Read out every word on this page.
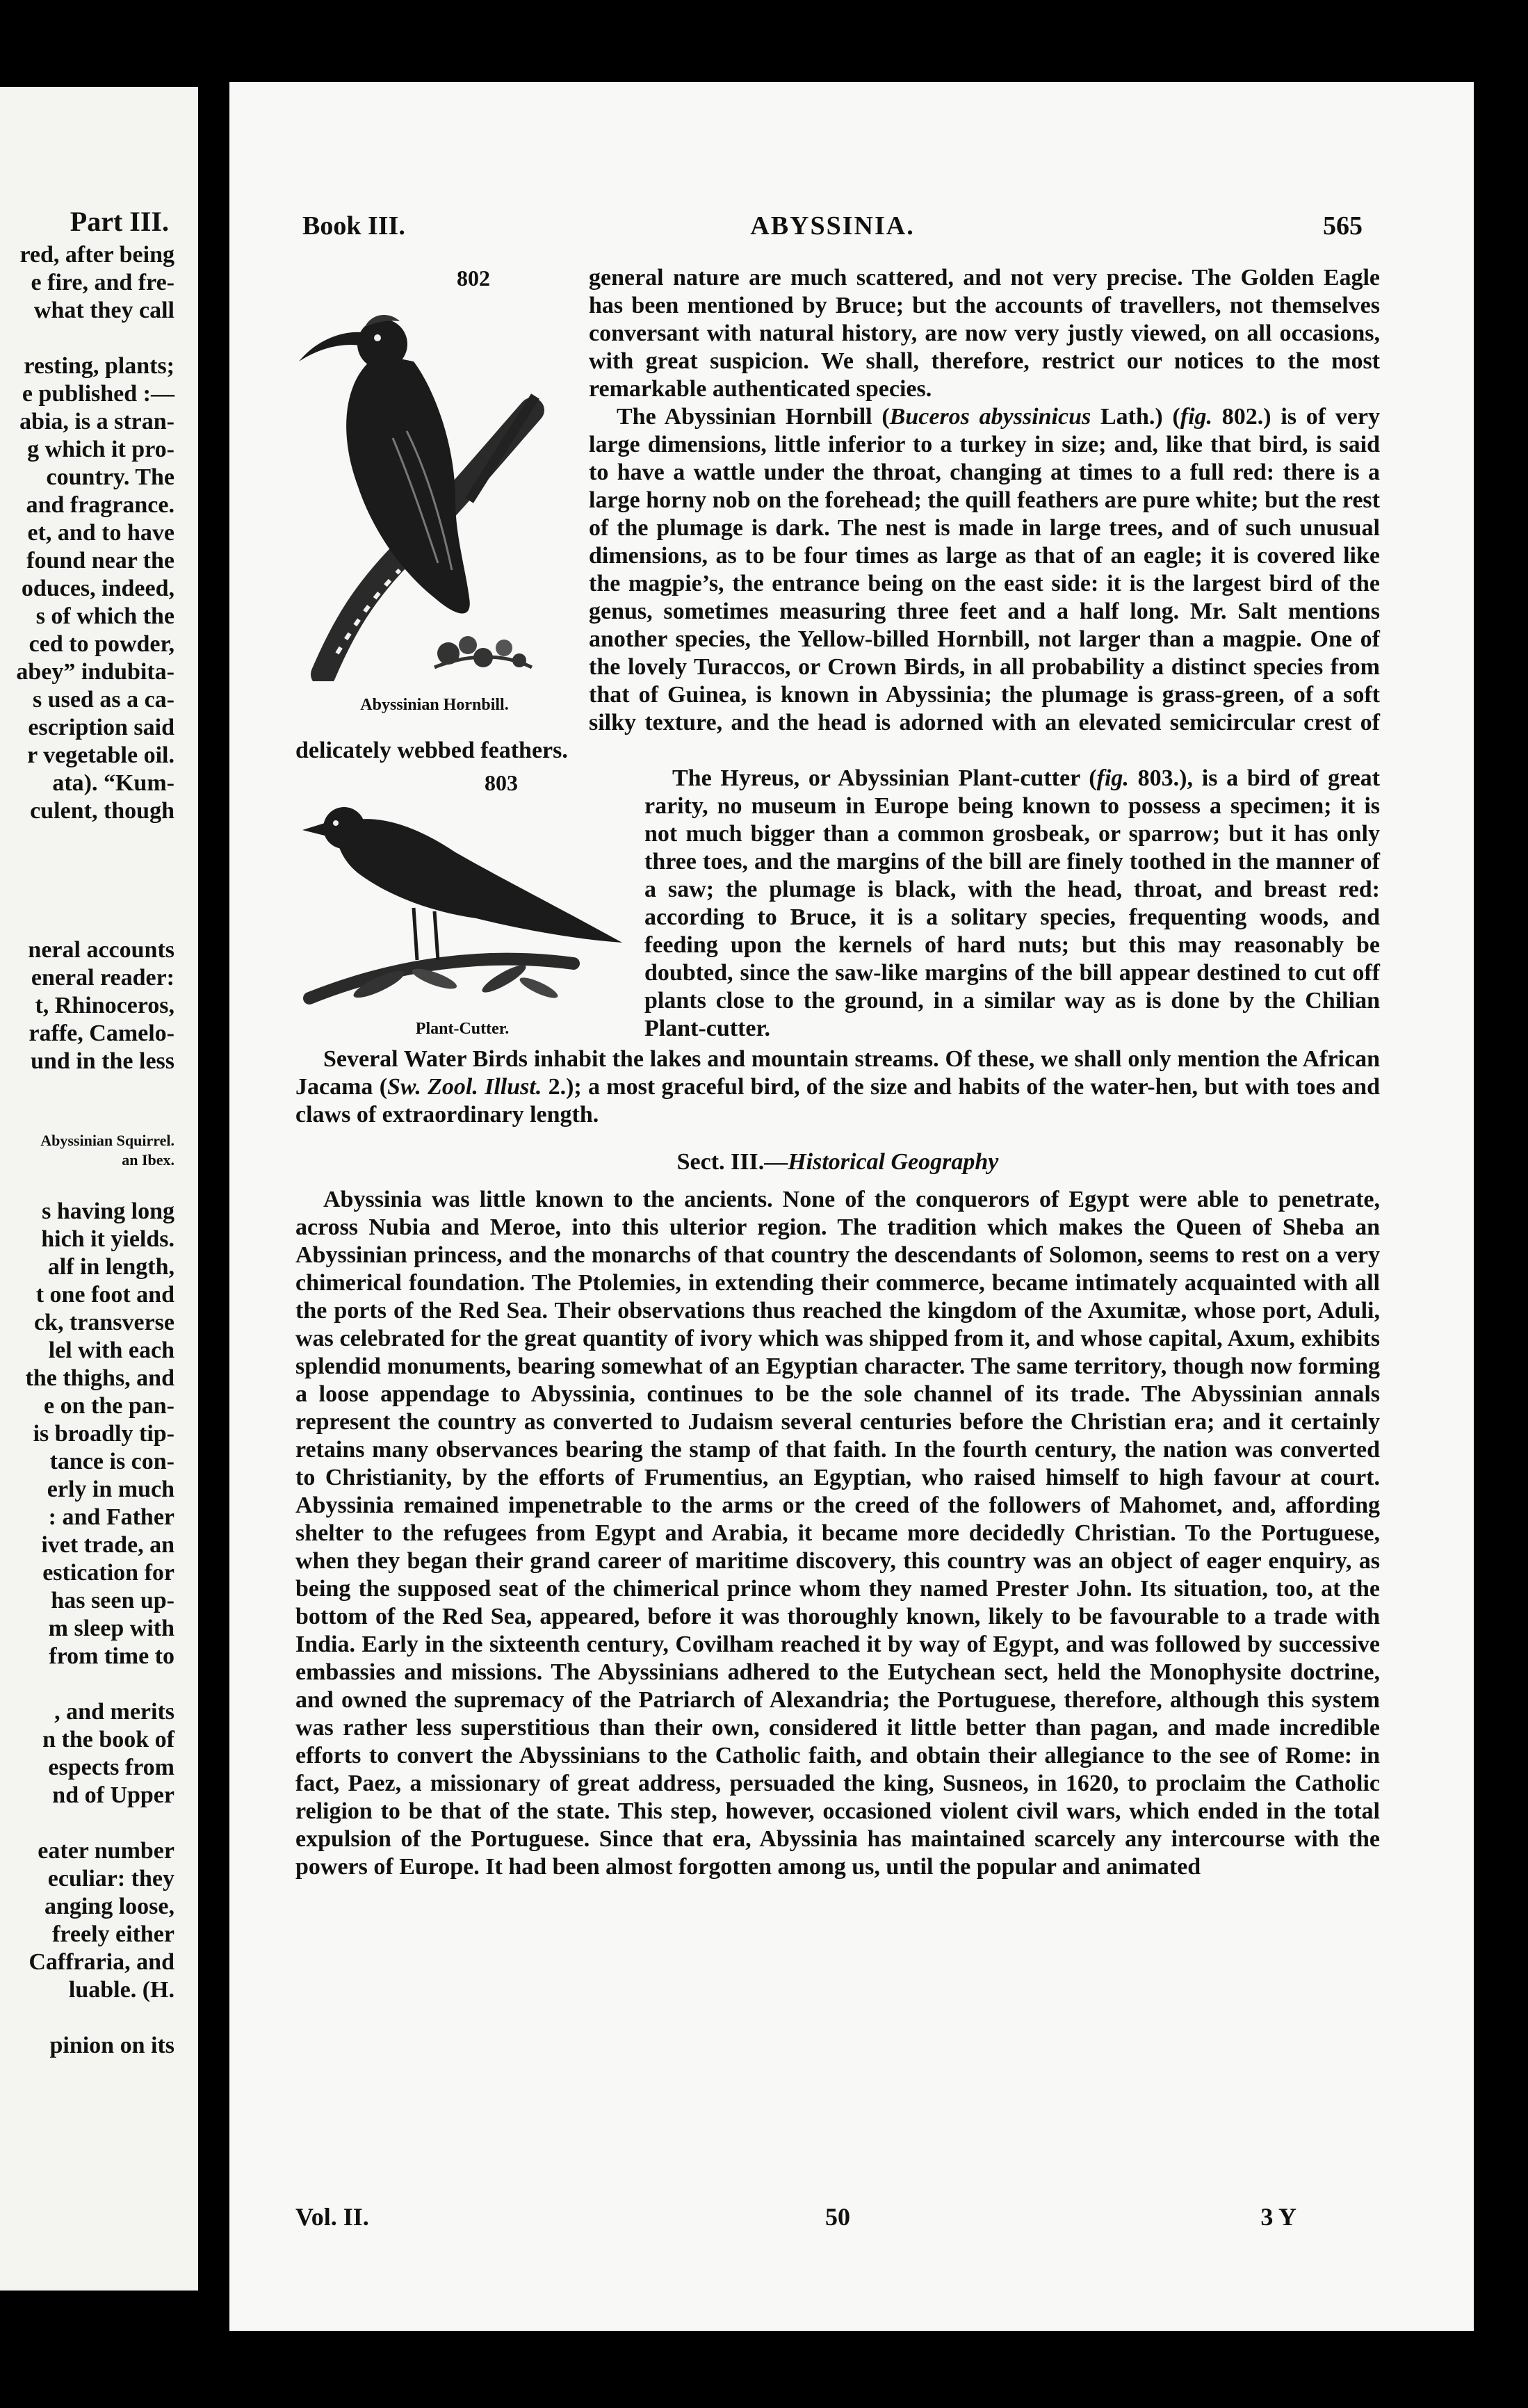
Part III.
red, after being
e fire, and fre-
what they call
resting, plants;
e published :—
abia, is a stran-
g which it pro-
country. The
and fragrance.
et, and to have
found near the
oduces, indeed,
s of which the
ced to powder,
abey” indubita-
s used as a ca-
escription said
r vegetable oil.
ata). “Kum-
culent, though
neral accounts
eneral reader:
t, Rhinoceros,
raffe, Camelo-
und in the less
Abyssinian Squirrel.
an Ibex.
s having long
hich it yields.
alf in length,
t one foot and
ck, transverse
lel with each
the thighs, and
e on the pan-
is broadly tip-
tance is con-
erly in much
: and Father
ivet trade, an
estication for
has seen up-
m sleep with
from time to
, and merits
n the book of
espects from
nd of Upper
eater number
eculiar: they
anging loose,
freely either
Caffraria, and
luable. (H.
pinion on its
Book III.	ABYSSINIA.	565
802
Abyssinian Hornbill.

general nature are much scattered, and not very precise. The Golden Eagle has been mentioned by Bruce; but the accounts of travellers, not themselves conversant with natural history, are now very justly viewed, on all occasions, with great suspicion. We shall, therefore, restrict our notices to the most remarkable authenticated species.

The Abyssinian Hornbill (Buceros abyssinicus Lath.) (fig. 802.) is of very large dimensions, little inferior to a turkey in size; and, like that bird, is said to have a wattle under the throat, changing at times to a full red: there is a large horny nob on the forehead; the quill feathers are pure white; but the rest of the plumage is dark. The nest is made in large trees, and of such unusual dimensions, as to be four times as large as that of an eagle; it is covered like the magpie’s, the entrance being on the east side: it is the largest bird of the genus, sometimes measuring three feet and a half long. Mr. Salt mentions another species, the Yellow-billed Hornbill, not larger than a magpie. One of the lovely Turaccos, or Crown Birds, in all probability a distinct species from that of Guinea, is known in Abyssinia; the plumage is grass-green, of a soft silky texture, and the head is adorned with an elevated semicircular crest of delicately webbed feathers.

803
Plant-Cutter.

The Hyreus, or Abyssinian Plant-cutter (fig. 803.), is a bird of great rarity, no museum in Europe being known to possess a specimen; it is not much bigger than a common grosbeak, or sparrow; but it has only three toes, and the margins of the bill are finely toothed in the manner of a saw; the plumage is black, with the head, throat, and breast red: according to Bruce, it is a solitary species, frequenting woods, and feeding upon the kernels of hard nuts; but this may reasonably be doubted, since the saw-like margins of the bill appear destined to cut off plants close to the ground, in a similar way as is done by the Chilian Plant-cutter.

Several Water Birds inhabit the lakes and mountain streams. Of these, we shall only mention the African Jacama (Sw. Zool. Illust. 2.); a most graceful bird, of the size and habits of the water-hen, but with toes and claws of extraordinary length.

Sect. III.—Historical Geography

Abyssinia was little known to the ancients. None of the conquerors of Egypt were able to penetrate, across Nubia and Meroe, into this ulterior region. The tradition which makes the Queen of Sheba an Abyssinian princess, and the monarchs of that country the descendants of Solomon, seems to rest on a very chimerical foundation. The Ptolemies, in extending their commerce, became intimately acquainted with all the ports of the Red Sea. Their observations thus reached the kingdom of the Axumitæ, whose port, Aduli, was celebrated for the great quantity of ivory which was shipped from it, and whose capital, Axum, exhibits splendid monuments, bearing somewhat of an Egyptian character. The same territory, though now forming a loose appendage to Abyssinia, continues to be the sole channel of its trade. The Abyssinian annals represent the country as converted to Judaism several centuries before the Christian era; and it certainly retains many observances bearing the stamp of that faith. In the fourth century, the nation was converted to Christianity, by the efforts of Frumentius, an Egyptian, who raised himself to high favour at court. Abyssinia remained impenetrable to the arms or the creed of the followers of Mahomet, and, affording shelter to the refugees from Egypt and Arabia, it became more decidedly Christian. To the Portuguese, when they began their grand career of maritime discovery, this country was an object of eager enquiry, as being the supposed seat of the chimerical prince whom they named Prester John. Its situation, too, at the bottom of the Red Sea, appeared, before it was thoroughly known, likely to be favourable to a trade with India. Early in the sixteenth century, Covilham reached it by way of Egypt, and was followed by successive embassies and missions. The Abyssinians adhered to the Eutychean sect, held the Monophysite doctrine, and owned the supremacy of the Patriarch of Alexandria; the Portuguese, therefore, although this system was rather less superstitious than their own, considered it little better than pagan, and made incredible efforts to convert the Abyssinians to the Catholic faith, and obtain their allegiance to the see of Rome: in fact, Paez, a missionary of great address, persuaded the king, Susneos, in 1620, to proclaim the Catholic religion to be that of the state. This step, however, occasioned violent civil wars, which ended in the total expulsion of the Portuguese. Since that era, Abyssinia has maintained scarcely any intercourse with the powers of Europe. It had been almost forgotten among us, until the popular and animated

Vol. II.	50	3 Y
